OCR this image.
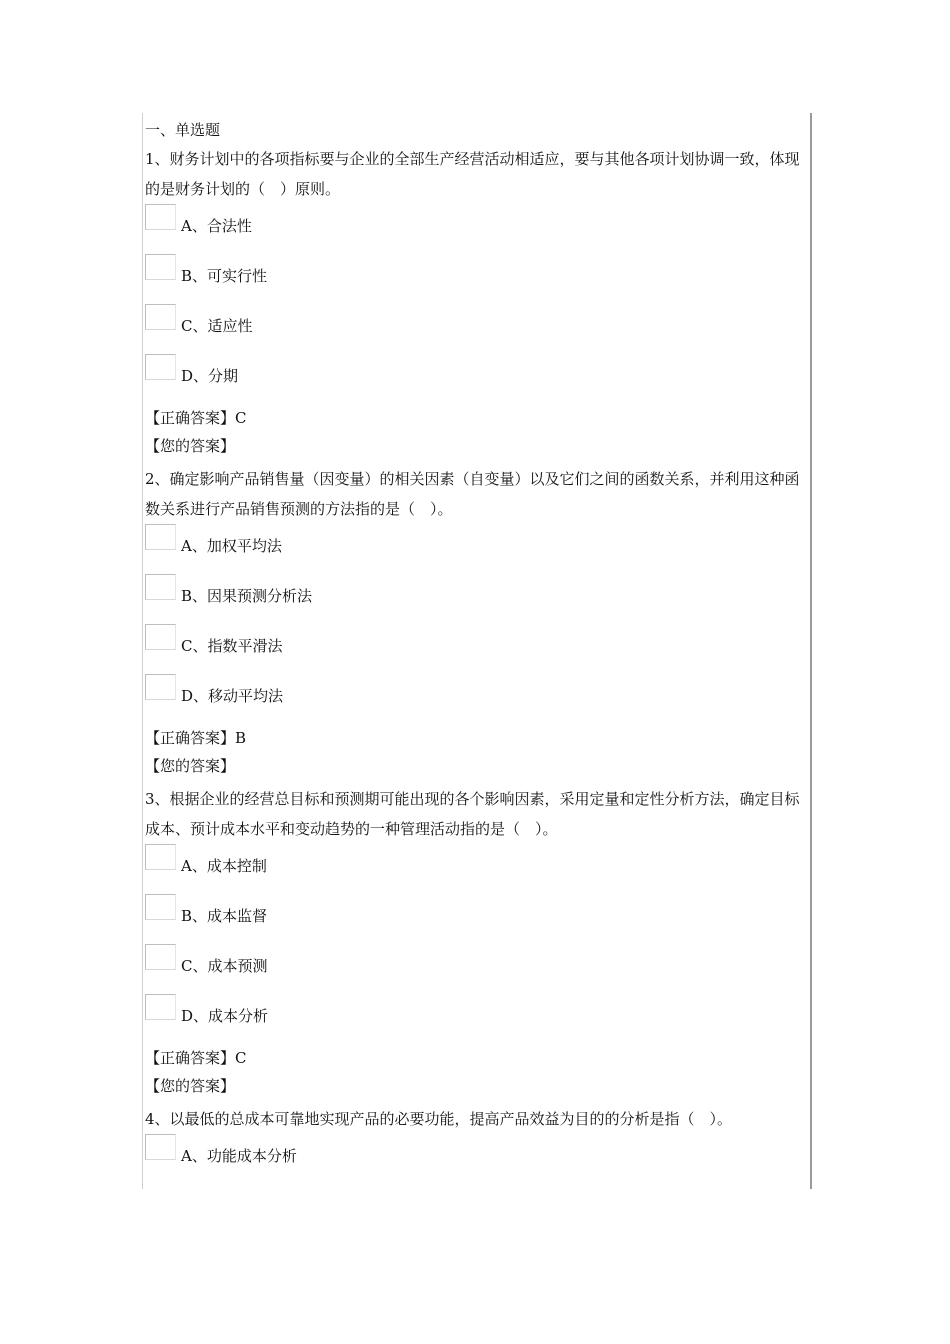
一、单选题
1、财务计划中的各项指标要与企业的全部生产经营活动相适应，要与其他各项计划协调一致，体现的是财务计划的（　）原则。
A、合法性
B、可实行性
C、适应性
D、分期
【正确答案】C
【您的答案】
2、确定影响产品销售量（因变量）的相关因素（自变量）以及它们之间的函数关系，并利用这种函数关系进行产品销售预测的方法指的是（　）。
A、加权平均法
B、因果预测分析法
C、指数平滑法
D、移动平均法
【正确答案】B
【您的答案】
3、根据企业的经营总目标和预测期可能出现的各个影响因素，采用定量和定性分析方法，确定目标成本、预计成本水平和变动趋势的一种管理活动指的是（　）。
A、成本控制
B、成本监督
C、成本预测
D、成本分析
【正确答案】C
【您的答案】
4、以最低的总成本可靠地实现产品的必要功能，提高产品效益为目的的分析是指（　）。
A、功能成本分析
